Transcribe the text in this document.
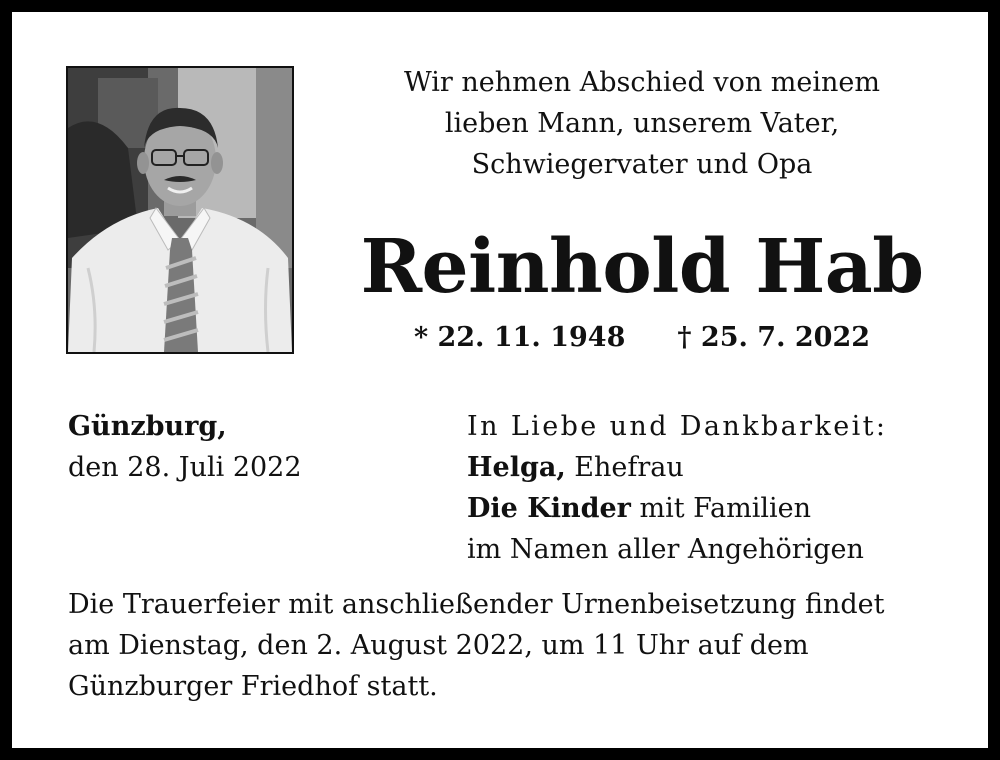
Wir nehmen Abschied von meinem
lieben Mann, unserem Vater,
Schwiegervater und Opa
Reinhold Hab
* 22. 11. 1948 † 25. 7. 2022
Günzburg,
den 28. Juli 2022
In Liebe und Dankbarkeit:
Helga, Ehefrau
Die Kinder mit Familien
im Namen aller Angehörigen
Die Trauerfeier mit anschließender Urnenbeisetzung findet
am Dienstag, den 2. August 2022, um 11 Uhr auf dem
Günzburger Friedhof statt.
